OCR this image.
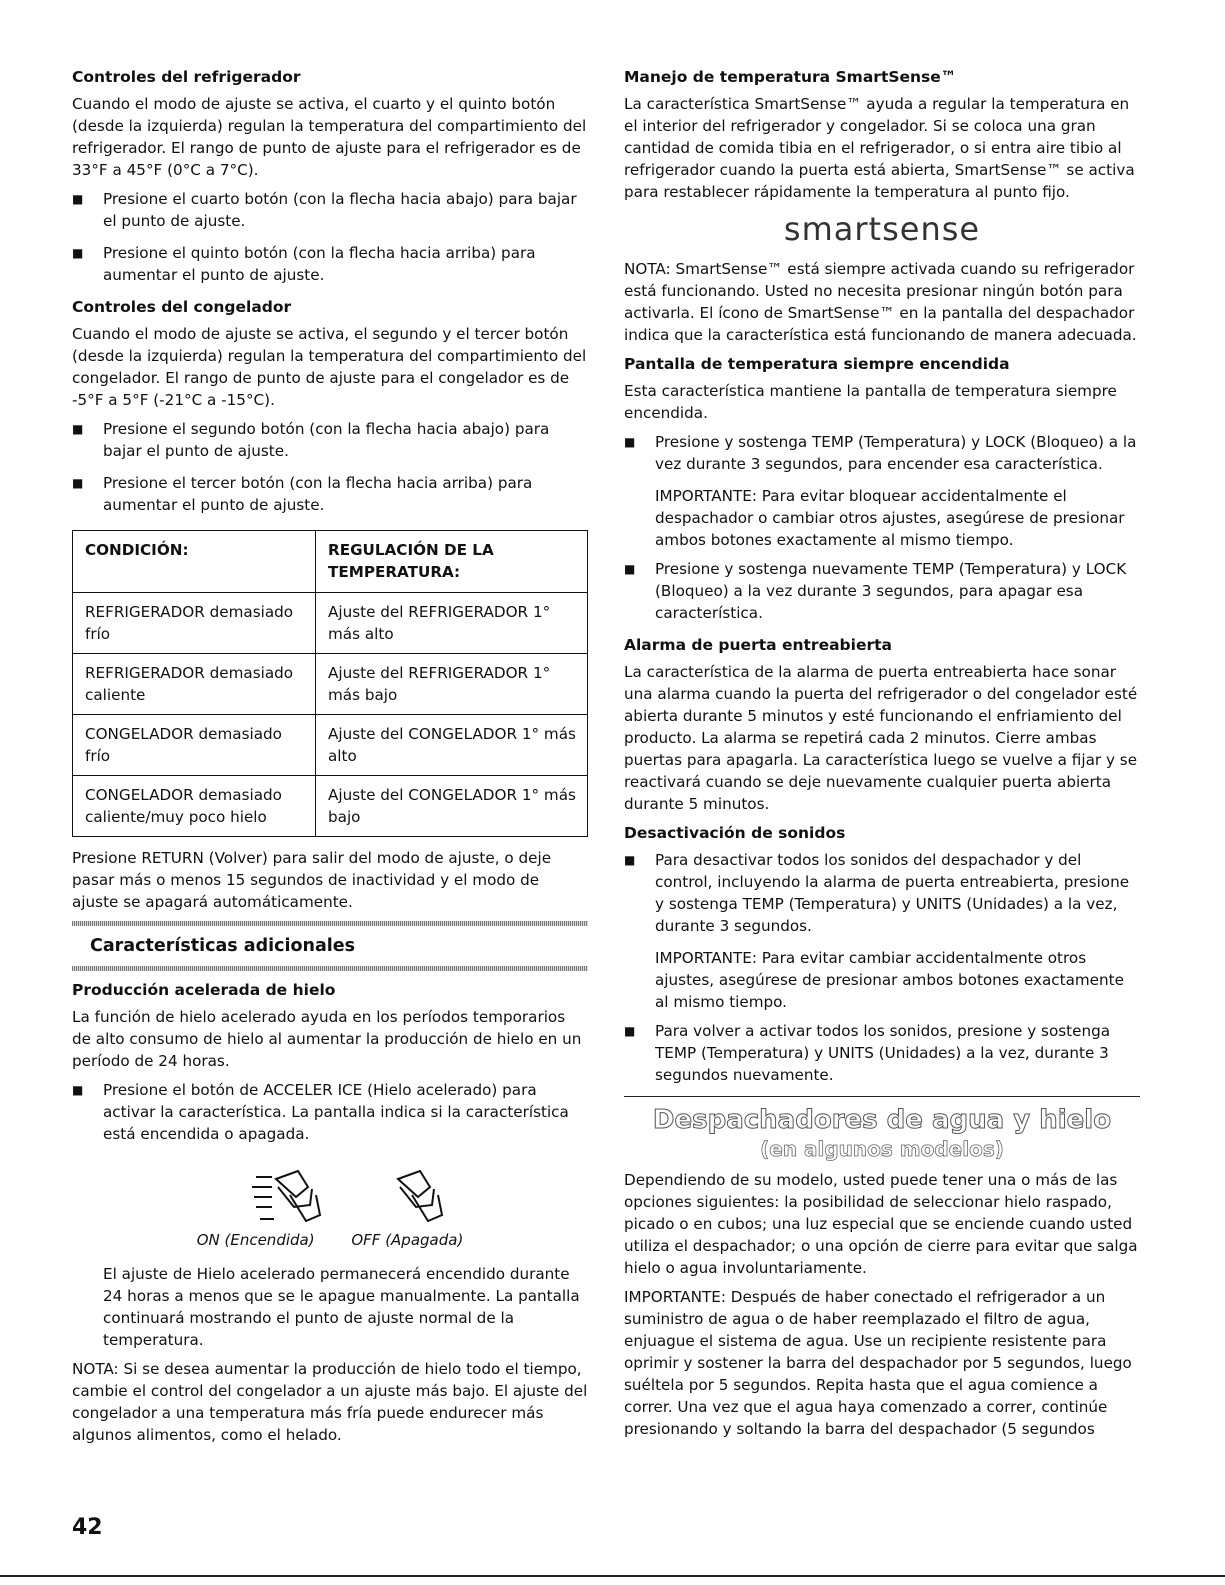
Controles del refrigerador

Cuando el modo de ajuste se activa, el cuarto y el quinto botón (desde la izquierda) regulan la temperatura del compartimiento del refrigerador. El rango de punto de ajuste para el refrigerador es de 33°F a 45°F (0°C a 7°C).

■ Presione el cuarto botón (con la flecha hacia abajo) para bajar el punto de ajuste.
■ Presione el quinto botón (con la flecha hacia arriba) para aumentar el punto de ajuste.
Controles del congelador

Cuando el modo de ajuste se activa, el segundo y el tercer botón (desde la izquierda) regulan la temperatura del compartimiento del congelador. El rango de punto de ajuste para el congelador es de -5°F a 5°F (-21°C a -15°C).

■ Presione el segundo botón (con la flecha hacia abajo) para bajar el punto de ajuste.
■ Presione el tercer botón (con la flecha hacia arriba) para aumentar el punto de ajuste.
CONDICIÓN:	REGULACIÓN DE LA TEMPERATURA:
REFRIGERADOR demasiado frío	Ajuste del REFRIGERADOR 1° más alto
REFRIGERADOR demasiado caliente	Ajuste del REFRIGERADOR 1° más bajo
CONGELADOR demasiado frío	Ajuste del CONGELADOR 1° más alto
CONGELADOR demasiado caliente/muy poco hielo	Ajuste del CONGELADOR 1° más bajo

Presione RETURN (Volver) para salir del modo de ajuste, o deje pasar más o menos 15 segundos de inactividad y el modo de ajuste se apagará automáticamente.

Características adicionales
Producción acelerada de hielo

La función de hielo acelerado ayuda en los períodos temporarios de alto consumo de hielo al aumentar la producción de hielo en un período de 24 horas.

■ Presione el botón de ACCELER ICE (Hielo acelerado) para activar la característica. La pantalla indica si la característica está encendida o apagada.
ON (Encendida) OFF (Apagada)

El ajuste de Hielo acelerado permanecerá encendido durante 24 horas a menos que se le apague manualmente. La pantalla continuará mostrando el punto de ajuste normal de la temperatura.

NOTA: Si se desea aumentar la producción de hielo todo el tiempo, cambie el control del congelador a un ajuste más bajo. El ajuste del congelador a una temperatura más fría puede endurecer más algunos alimentos, como el helado.

Manejo de temperatura SmartSense™

La característica SmartSense™ ayuda a regular la temperatura en el interior del refrigerador y congelador. Si se coloca una gran cantidad de comida tibia en el refrigerador, o si entra aire tibio al refrigerador cuando la puerta está abierta, SmartSense™ se activa para restablecer rápidamente la temperatura al punto fijo.

smartsense

NOTA: SmartSense™ está siempre activada cuando su refrigerador está funcionando. Usted no necesita presionar ningún botón para activarla. El ícono de SmartSense™ en la pantalla del despachador indica que la característica está funcionando de manera adecuada.

Pantalla de temperatura siempre encendida

Esta característica mantiene la pantalla de temperatura siempre encendida.

■ Presione y sostenga TEMP (Temperatura) y LOCK (Bloqueo) a la vez durante 3 segundos, para encender esa característica.

IMPORTANTE: Para evitar bloquear accidentalmente el despachador o cambiar otros ajustes, asegúrese de presionar ambos botones exactamente al mismo tiempo.

■ Presione y sostenga nuevamente TEMP (Temperatura) y LOCK (Bloqueo) a la vez durante 3 segundos, para apagar esa característica.
Alarma de puerta entreabierta

La característica de la alarma de puerta entreabierta hace sonar una alarma cuando la puerta del refrigerador o del congelador esté abierta durante 5 minutos y esté funcionando el enfriamiento del producto. La alarma se repetirá cada 2 minutos. Cierre ambas puertas para apagarla. La característica luego se vuelve a fijar y se reactivará cuando se deje nuevamente cualquier puerta abierta durante 5 minutos.

Desactivación de sonidos
■ Para desactivar todos los sonidos del despachador y del control, incluyendo la alarma de puerta entreabierta, presione y sostenga TEMP (Temperatura) y UNITS (Unidades) a la vez, durante 3 segundos.

IMPORTANTE: Para evitar cambiar accidentalmente otros ajustes, asegúrese de presionar ambos botones exactamente al mismo tiempo.

■ Para volver a activar todos los sonidos, presione y sostenga TEMP (Temperatura) y UNITS (Unidades) a la vez, durante 3 segundos nuevamente.
Despachadores de agua y hielo
(en algunos modelos)

Dependiendo de su modelo, usted puede tener una o más de las opciones siguientes: la posibilidad de seleccionar hielo raspado, picado o en cubos; una luz especial que se enciende cuando usted utiliza el despachador; o una opción de cierre para evitar que salga hielo o agua involuntariamente.

IMPORTANTE: Después de haber conectado el refrigerador a un suministro de agua o de haber reemplazado el filtro de agua, enjuague el sistema de agua. Use un recipiente resistente para oprimir y sostener la barra del despachador por 5 segundos, luego suéltela por 5 segundos. Repita hasta que el agua comience a correr. Una vez que el agua haya comenzado a correr, continúe presionando y soltando la barra del despachador (5 segundos

42
